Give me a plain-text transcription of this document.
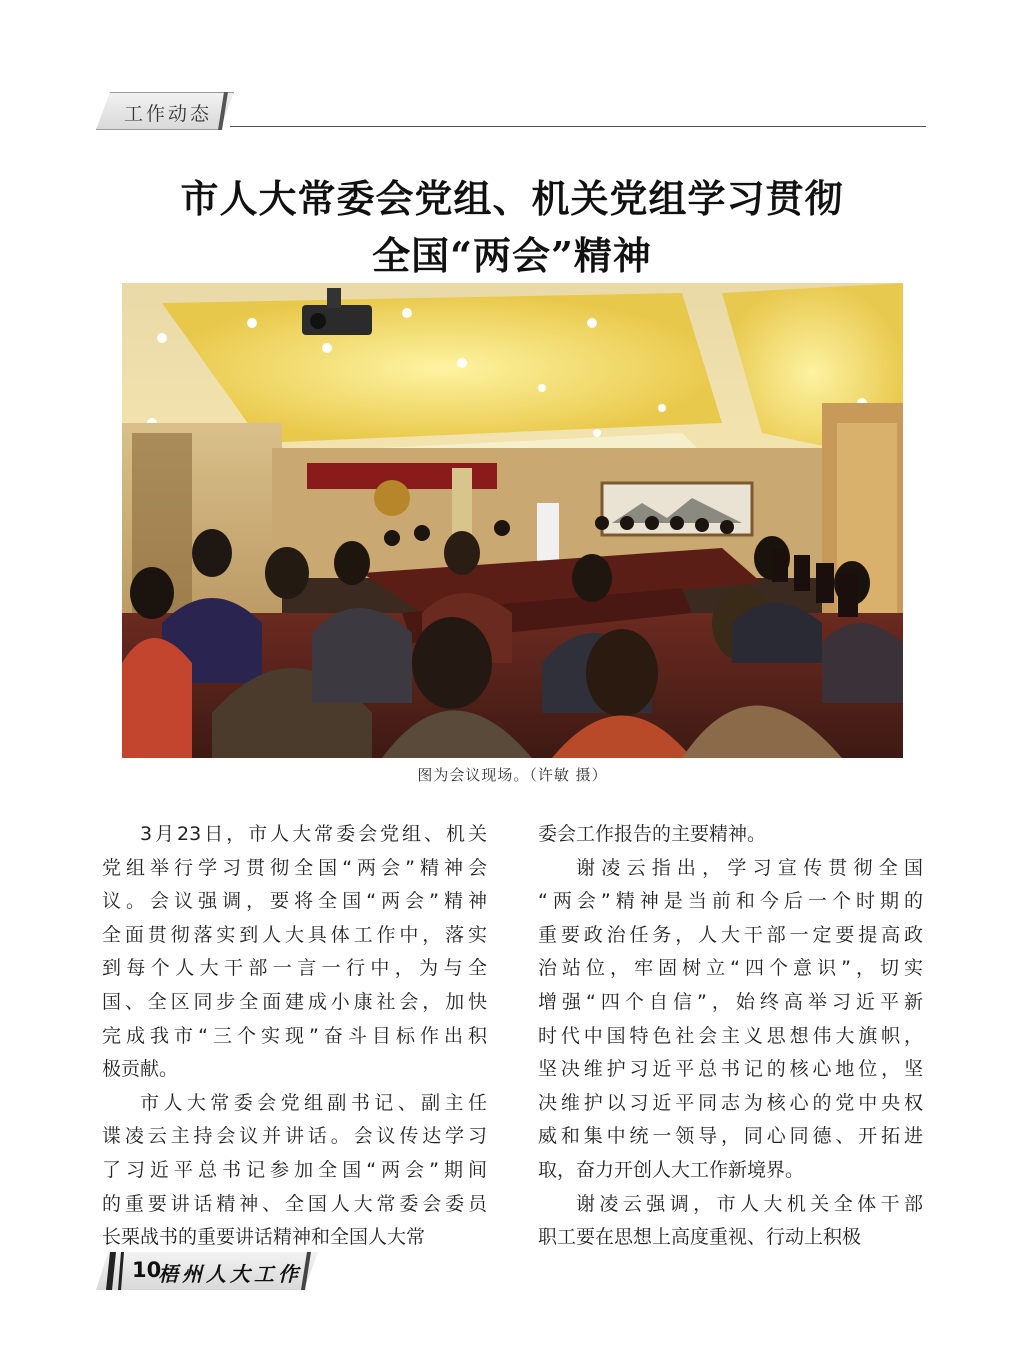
工作动态
市人大常委会党组、机关党组学习贯彻
全国“两会”精神
图为会议现场。（许敏 摄）
3月23日，市人大常委会党组、机关
党组举行学习贯彻全国“两会”精神会
议。会议强调，要将全国“两会”精神
全面贯彻落实到人大具体工作中，落实
到每个人大干部一言一行中，为与全
国、全区同步全面建成小康社会，加快
完成我市“三个实现”奋斗目标作出积
极贡献。
市人大常委会党组副书记、副主任
谍凌云主持会议并讲话。会议传达学习
了习近平总书记参加全国“两会”期间
的重要讲话精神、全国人大常委会委员
长栗战书的重要讲话精神和全国人大常
委会工作报告的主要精神。
谢凌云指出，学习宣传贯彻全国
“两会”精神是当前和今后一个时期的
重要政治任务，人大干部一定要提高政
治站位，牢固树立“四个意识”，切实
增强“四个自信”，始终高举习近平新
时代中国特色社会主义思想伟大旗帜，
坚决维护习近平总书记的核心地位，坚
决维护以习近平同志为核心的党中央权
威和集中统一领导，同心同德、开拓进
取，奋力开创人大工作新境界。
谢凌云强调，市人大机关全体干部
职工要在思想上高度重视、行动上积极
10
梧州人大工作
